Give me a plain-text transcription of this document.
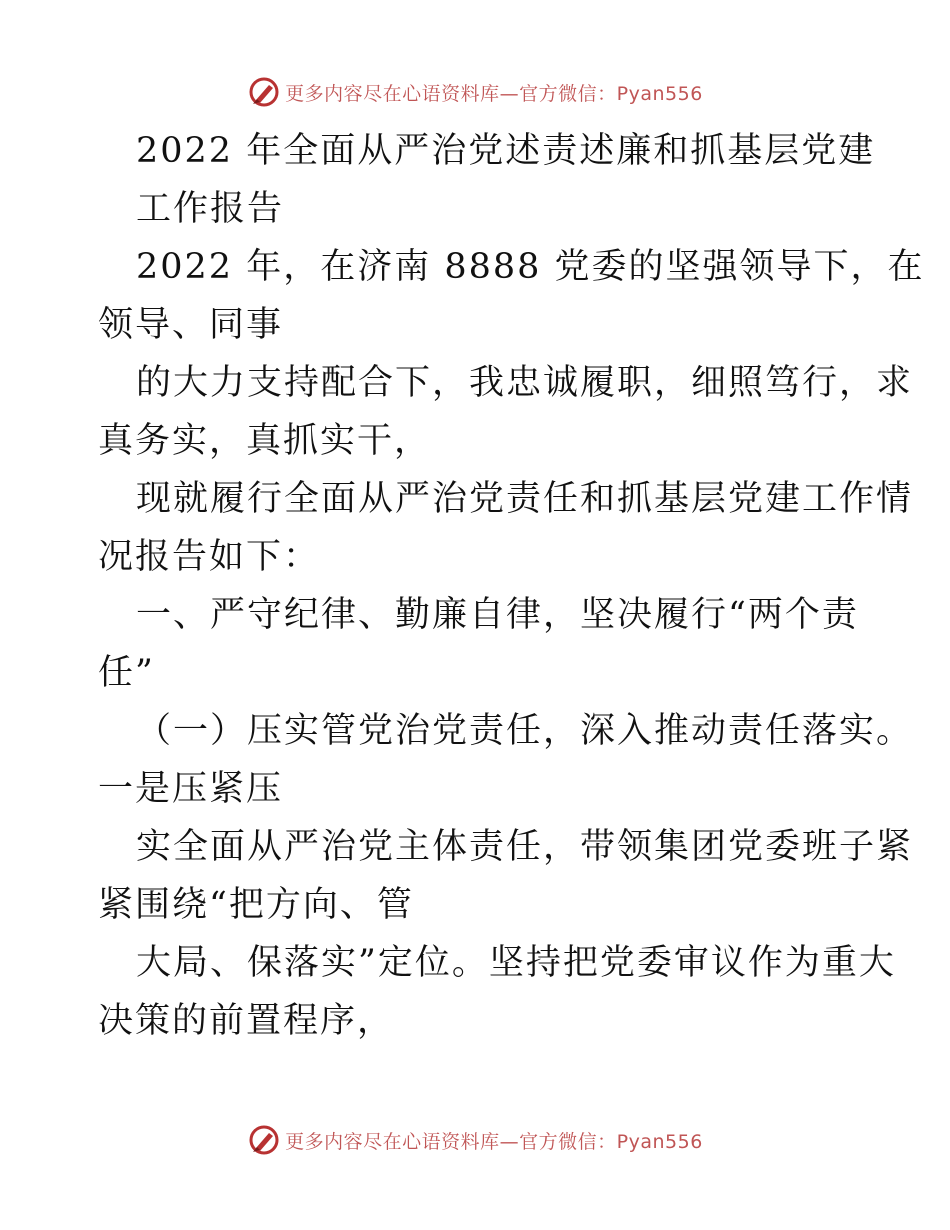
更多内容尽在心语资料库—官方微信：Pyan556

2022 年全面从严治党述责述廉和抓基层党建

工作报告

2022 年，在济南 8888 党委的坚强领导下，在

领导、同事

的大力支持配合下，我忠诚履职，细照笃行，求

真务实，真抓实干，

现就履行全面从严治党责任和抓基层党建工作情

况报告如下：

一、严守纪律、勤廉自律，坚决履行“两个责

任”

（一）压实管党治党责任，深入推动责任落实。

一是压紧压

实全面从严治党主体责任，带领集团党委班子紧

紧围绕“把方向、管

大局、保落实”定位。坚持把党委审议作为重大

决策的前置程序，

更多内容尽在心语资料库—官方微信：Pyan556
